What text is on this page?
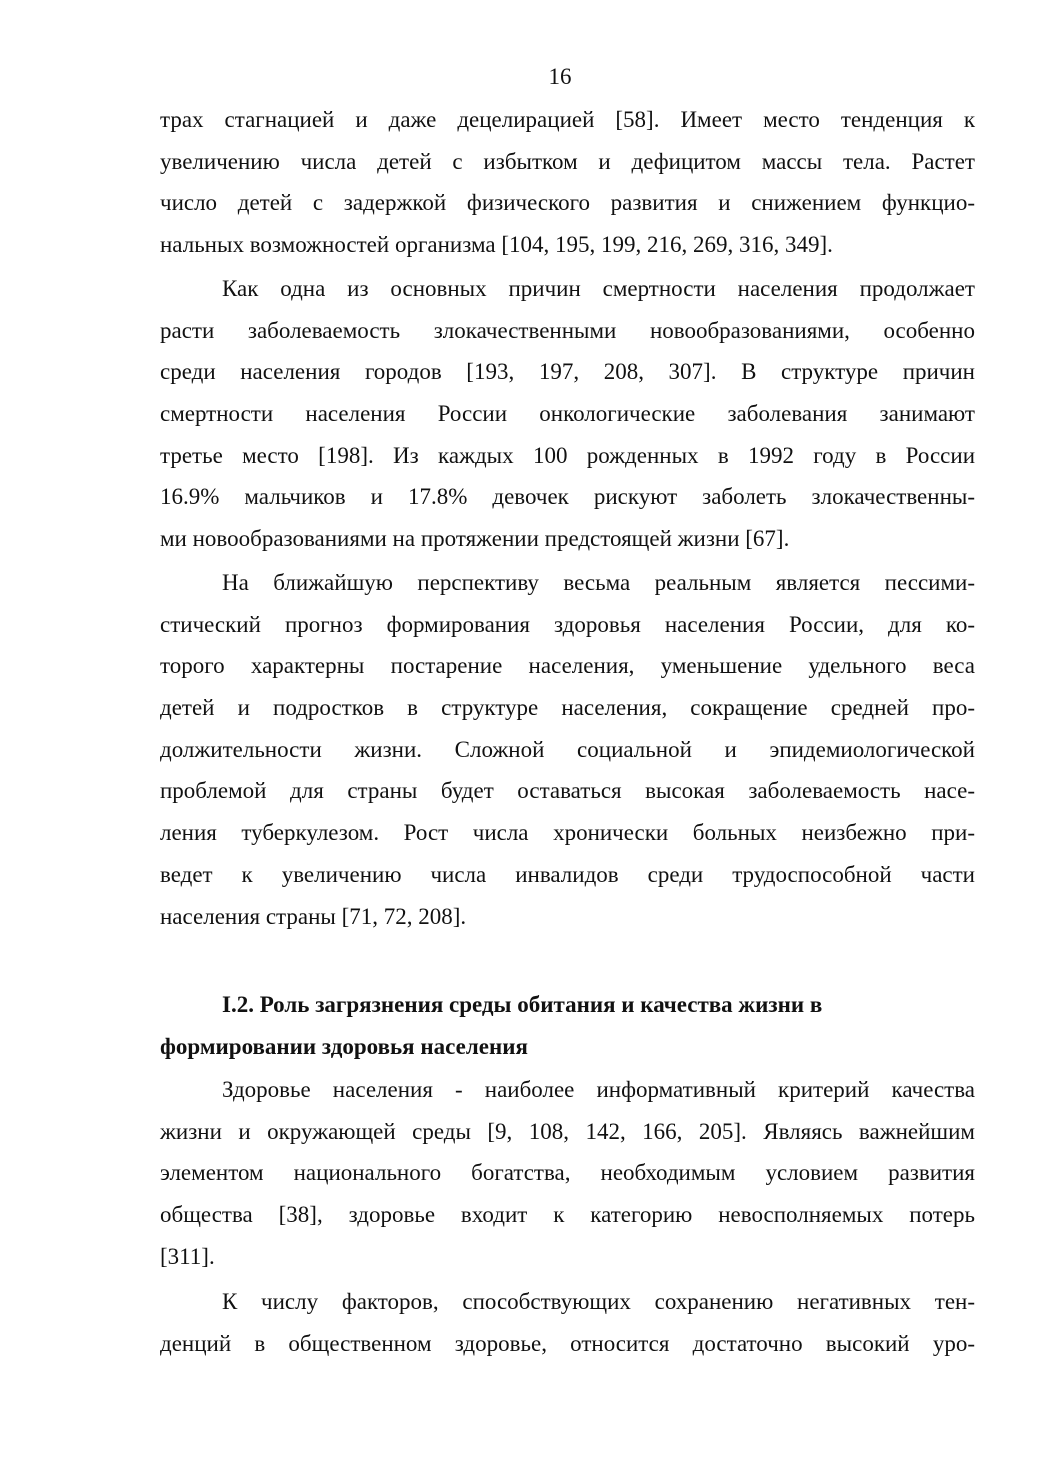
16
трах стагнацией и даже децелирацией [58]. Имеет место тенденция к
увеличению числа детей с избытком и дефицитом массы тела. Растет
число детей с задержкой физического развития и снижением функцио-
нальных возможностей организма [104, 195, 199, 216, 269, 316, 349].
Как одна из основных причин смертности населения продолжает
расти заболеваемость злокачественными новообразованиями, особенно
среди населения городов [193, 197, 208, 307]. В структуре причин
смертности населения России онкологические заболевания занимают
третье место [198]. Из каждых 100 рожденных в 1992 году в России
16.9% мальчиков и 17.8% девочек рискуют заболеть злокачественны-
ми новообразованиями на протяжении предстоящей жизни [67].
На ближайшую перспективу весьма реальным является пессими-
стический прогноз формирования здоровья населения России, для ко-
торого характерны постарение населения, уменьшение удельного веса
детей и подростков в структуре населения, сокращение средней про-
должительности жизни. Сложной социальной и эпидемиологической
проблемой для страны будет оставаться высокая заболеваемость насе-
ления туберкулезом. Рост числа хронически больных неизбежно при-
ведет к увеличению числа инвалидов среди трудоспособной части
населения страны [71, 72, 208].
I.2. Роль загрязнения среды обитания и качества жизни в
формировании здоровья населения
Здоровье населения - наиболее информативный критерий качества
жизни и окружающей среды [9, 108, 142, 166, 205]. Являясь важнейшим
элементом национального богатства, необходимым условием развития
общества [38], здоровье входит к категорию невосполняемых потерь
[311].
К числу факторов, способствующих сохранению негативных тен-
денций в общественном здоровье, относится достаточно высокий уро-
